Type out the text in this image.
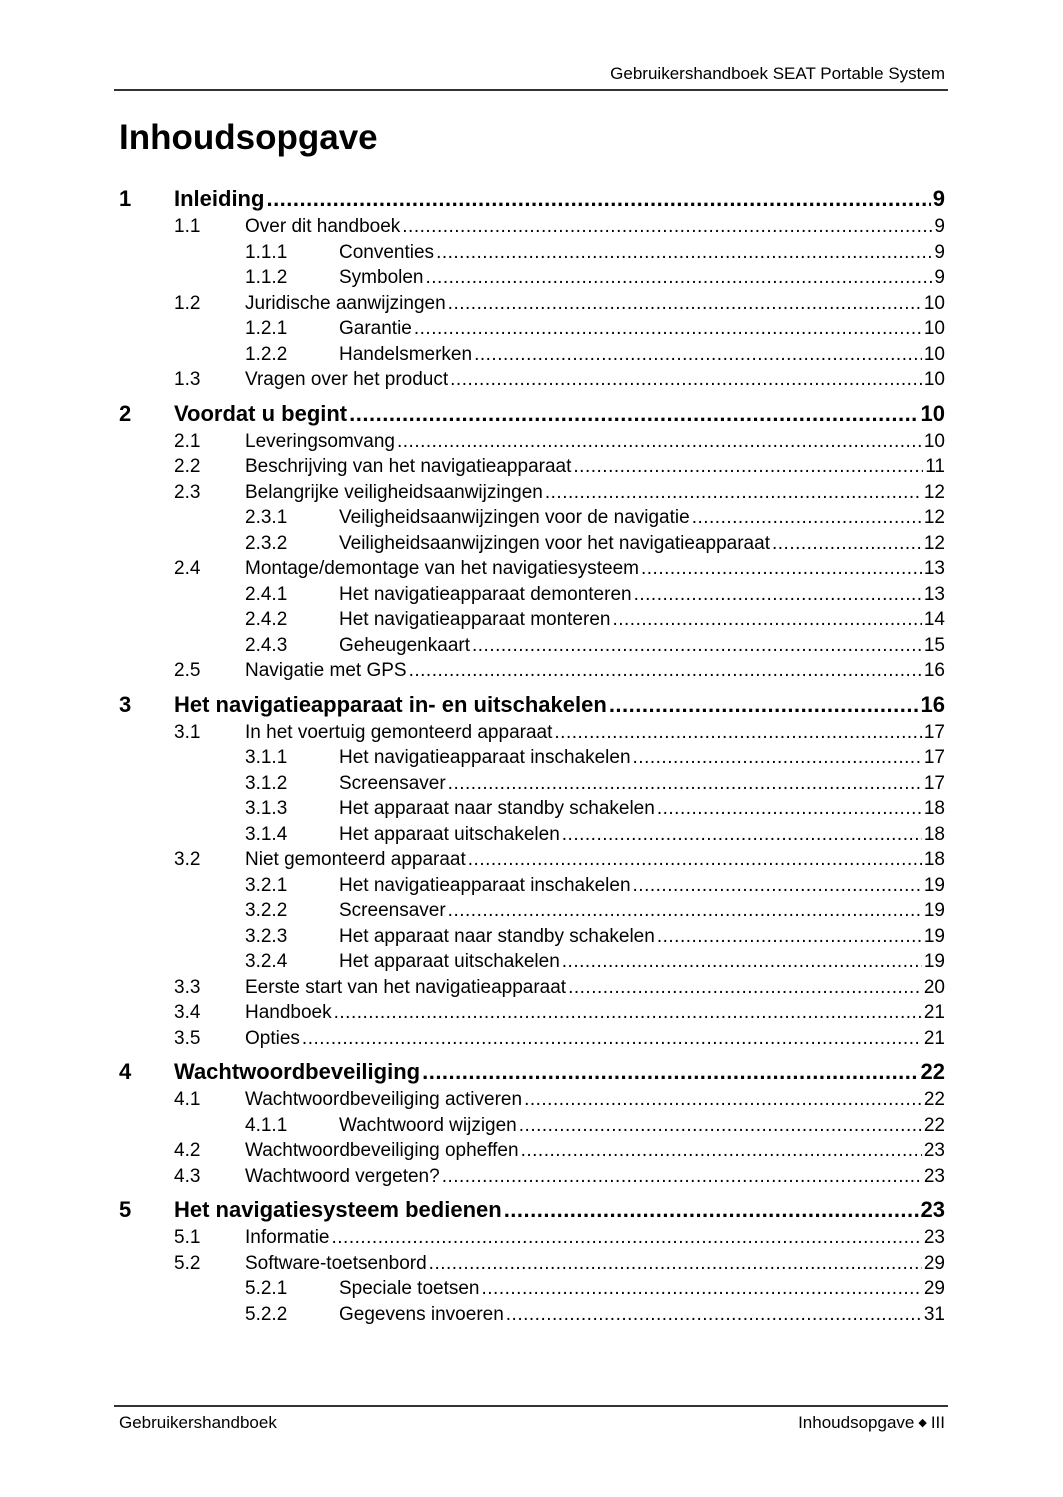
Gebruikershandboek SEAT Portable System
Inhoudsopgave
1	Inleiding .....	9
1.1	Over dit handboek .....	9
1.1.1	Conventies .....	9
1.1.2	Symbolen .....	9
1.2	Juridische aanwijzingen .....	10
1.2.1	Garantie .....	10
1.2.2	Handelsmerken .....	10
1.3	Vragen over het product .....	10
2	Voordat u begint .....	10
2.1	Leveringsomvang .....	10
2.2	Beschrijving van het navigatieapparaat .....	11
2.3	Belangrijke veiligheidsaanwijzingen .....	12
2.3.1	Veiligheidsaanwijzingen voor de navigatie .....	12
2.3.2	Veiligheidsaanwijzingen voor het navigatieapparaat .....	12
2.4	Montage/demontage van het navigatiesysteem .....	13
2.4.1	Het navigatieapparaat demonteren .....	13
2.4.2	Het navigatieapparaat monteren .....	14
2.4.3	Geheugenkaart .....	15
2.5	Navigatie met GPS .....	16
3	Het navigatieapparaat in- en uitschakelen .....	16
3.1	In het voertuig gemonteerd apparaat .....	17
3.1.1	Het navigatieapparaat inschakelen .....	17
3.1.2	Screensaver .....	17
3.1.3	Het apparaat naar standby schakelen .....	18
3.1.4	Het apparaat uitschakelen .....	18
3.2	Niet gemonteerd apparaat .....	18
3.2.1	Het navigatieapparaat inschakelen .....	19
3.2.2	Screensaver .....	19
3.2.3	Het apparaat naar standby schakelen .....	19
3.2.4	Het apparaat uitschakelen .....	19
3.3	Eerste start van het navigatieapparaat .....	20
3.4	Handboek .....	21
3.5	Opties .....	21
4	Wachtwoordbeveiliging .....	22
4.1	Wachtwoordbeveiliging activeren .....	22
4.1.1	Wachtwoord wijzigen .....	22
4.2	Wachtwoordbeveiliging opheffen .....	23
4.3	Wachtwoord vergeten? .....	23
5	Het navigatiesysteem bedienen .....	23
5.1	Informatie .....	23
5.2	Software-toetsenbord .....	29
5.2.1	Speciale toetsen .....	29
5.2.2	Gegevens invoeren .....	31
Gebruikershandboek	Inhoudsopgave ◆ III
